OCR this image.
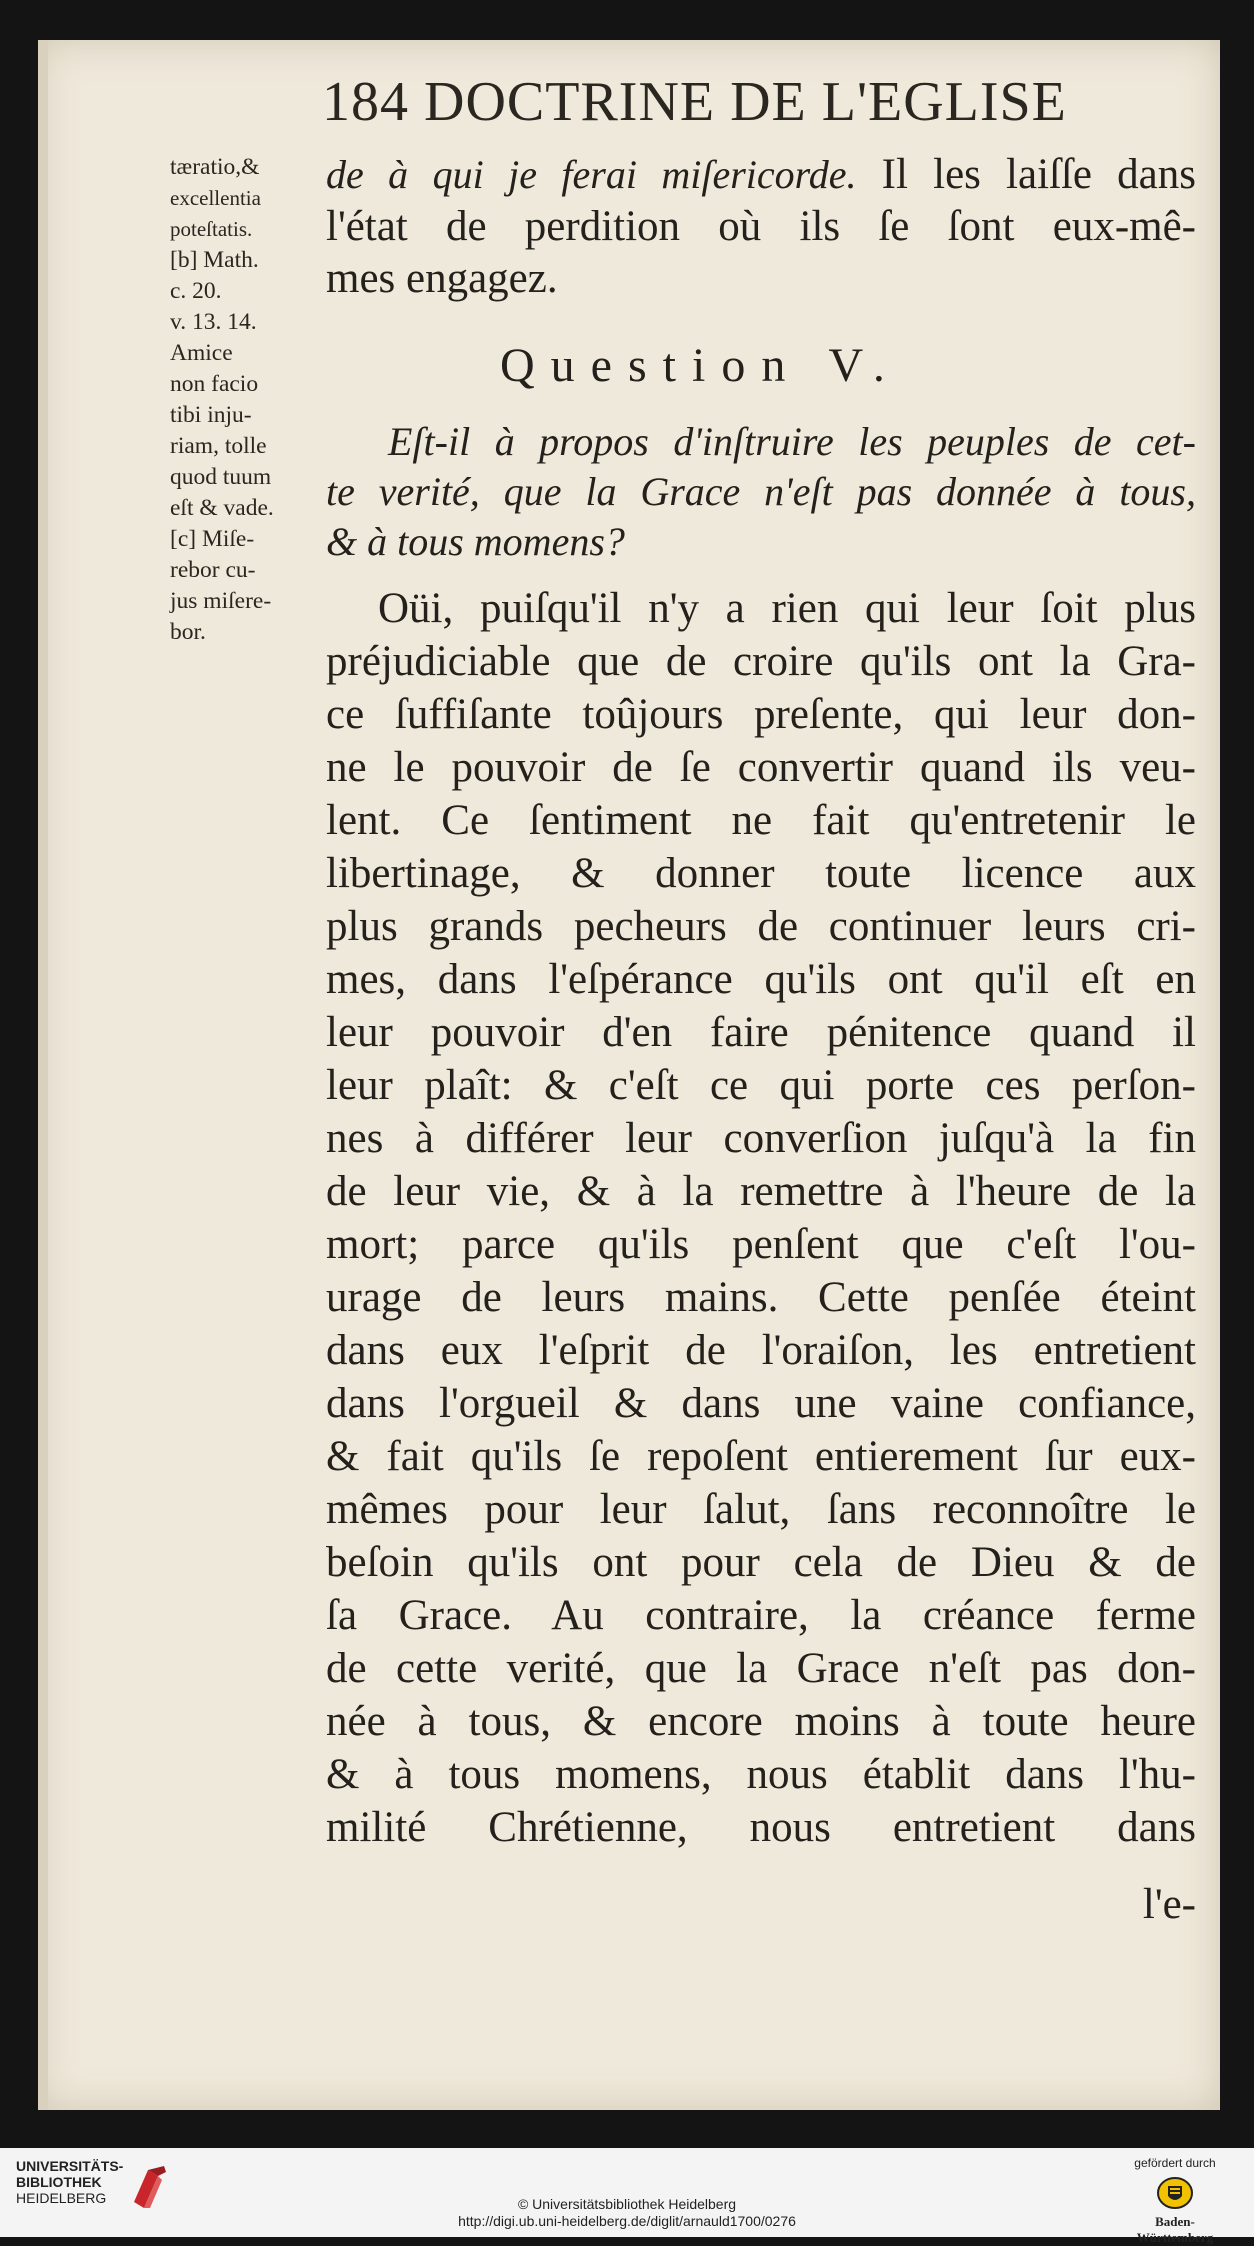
184 DOCTRINE DE L'EGLISE
tæratio,&
excellentia
poteſtatis.
[b] Math.
c. 20.
v. 13. 14.
Amice
non facio
tibi inju-
riam, tolle
quod tuum
eſt & vade.
[c] Miſe-
rebor cu-
jus miſere-
bor.
de à qui je ferai miſericorde. Il les laiſſe dans
l'état de perdition où ils ſe ſont eux-mê-
mes engagez.
Question V.
Eſt-il à propos d'inſtruire les peuples de cet-
te verité, que la Grace n'eſt pas donnée à tous,
& à tous momens?
Oüi, puiſqu'il n'y a rien qui leur ſoit plus
préjudiciable que de croire qu'ils ont la Gra-
ce ſuffiſante toûjours preſente, qui leur don-
ne le pouvoir de ſe convertir quand ils veu-
lent. Ce ſentiment ne fait qu'entretenir le
libertinage, & donner toute licence aux
plus grands pecheurs de continuer leurs cri-
mes, dans l'eſpérance qu'ils ont qu'il eſt en
leur pouvoir d'en faire pénitence quand il
leur plaît: & c'eſt ce qui porte ces perſon-
nes à différer leur converſion juſqu'à la fin
de leur vie, & à la remettre à l'heure de la
mort; parce qu'ils penſent que c'eſt l'ou-
urage de leurs mains. Cette penſée éteint
dans eux l'eſprit de l'oraiſon, les entretient
dans l'orgueil & dans une vaine confiance,
& fait qu'ils ſe repoſent entierement ſur eux-
mêmes pour leur ſalut, ſans reconnoître le
beſoin qu'ils ont pour cela de Dieu & de
ſa Grace. Au contraire, la créance ferme
de cette verité, que la Grace n'eſt pas don-
née à tous, & encore moins à toute heure
& à tous momens, nous établit dans l'hu-
milité Chrétienne, nous entretient dans
l'e-
UNIVERSITÄTS-
BIBLIOTHEK
HEIDELBERG	© Universitätsbibliothek Heidelberg
http://digi.ub.uni-heidelberg.de/diglit/arnauld1700/0276
gefördert durch
Baden-Württemberg
